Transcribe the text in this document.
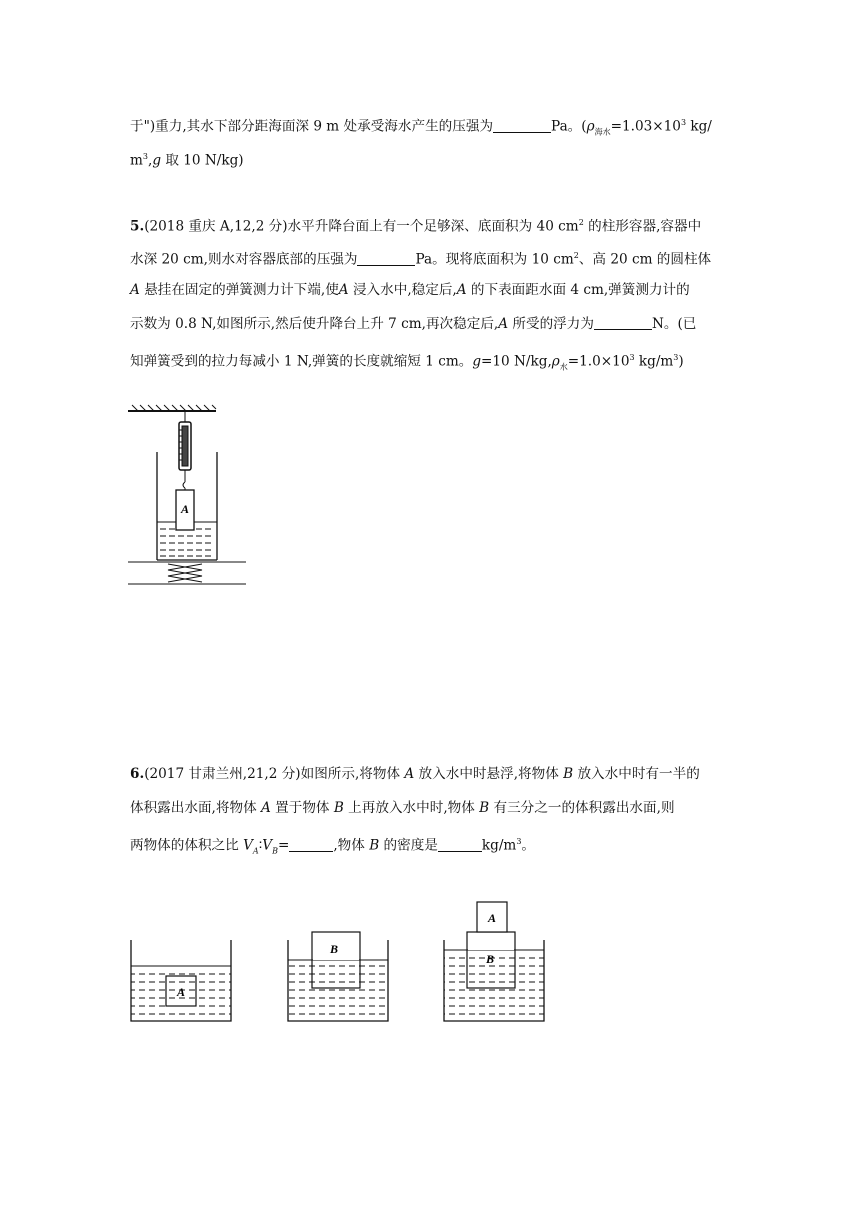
于")重力,其水下部分距海面深 9 m 处承受海水产生的压强为	Pa。($\rho_{海水}=1.03\times 10^3$ kg/
$m^3,g$ 取 10 N/kg)
5.(2018 重庆 A,12,2 分)水平升降台面上有一个足够深、底面积为 40 $cm^2$ 的柱形容器,容器中
水深 20 cm,则水对容器底部的压强为	Pa。现将底面积为 10 $cm^2$、高 20 cm 的圆柱体
A 悬挂在固定的弹簧测力计下端,使A 浸入水中,稳定后,A 的下表面距水面 4 cm,弹簧测力计的
示数为 0.8 N,如图所示,然后使升降台上升 7 cm,再次稳定后,A 所受的浮力为	N。(已
知弹簧受到的拉力每减小 1 N,弹簧的长度就缩短 1 cm。g=10 $N/kg,\rho_水=1.0\times 10^3$ $kg/m^3$)
A
6.(2017 甘肃兰州,21,2 分)如图所示,将物体 A 放入水中时悬浮,将物体 B 放入水中时有一半的
体积露出水面,将物体 A 置于物体 B 上再放入水中时,物体 B 有三分之一的体积露出水面,则
两物体的体积之比 $V_A∶V_B=$	,物体 B 的密度是	$kg/m^3$。
A
B
B
A
